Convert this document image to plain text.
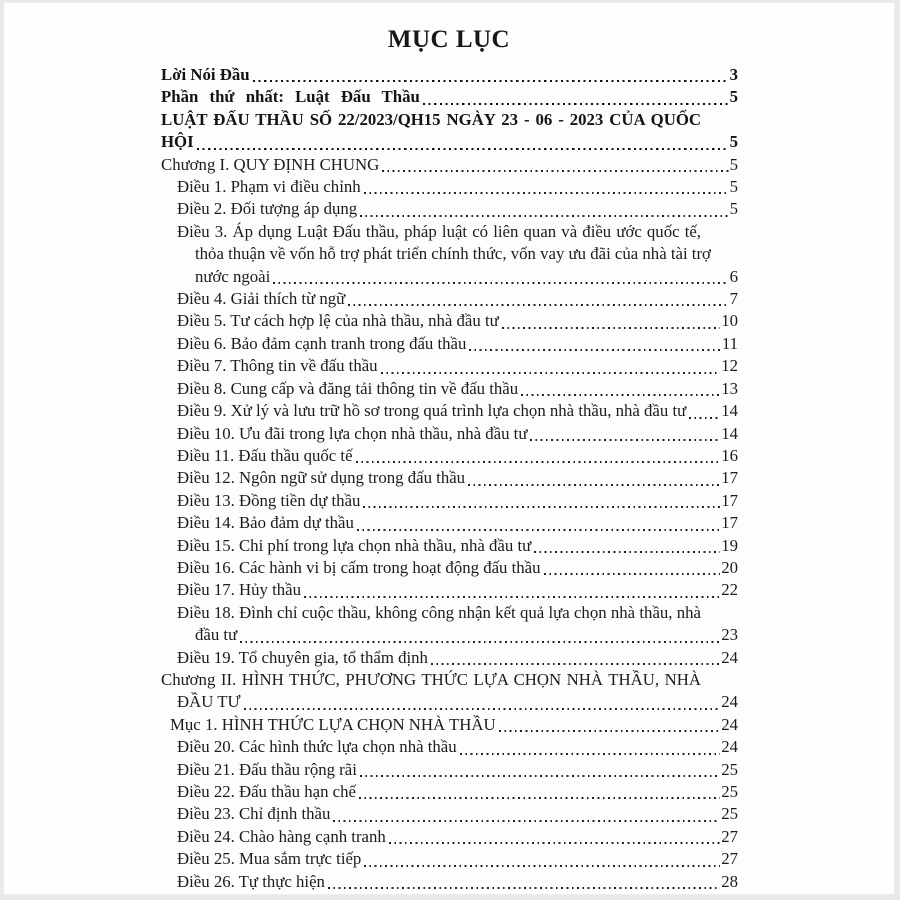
MỤC LỤC
Lời Nói Đầu	3
Phần thứ nhất: Luật Đấu Thầu	5
LUẬT ĐẤU THẦU SỐ 22/2023/QH15 NGÀY 23 - 06 - 2023 CỦA QUỐC
HỘI	5
Chương I. QUY ĐỊNH CHUNG	5
Điều 1. Phạm vi điều chỉnh	5
Điều 2. Đối tượng áp dụng	5
Điều 3. Áp dụng Luật Đấu thầu, pháp luật có liên quan và điều ước quốc tế,
thỏa thuận về vốn hỗ trợ phát triển chính thức, vốn vay ưu đãi của nhà tài trợ
nước ngoài	6
Điều 4. Giải thích từ ngữ	7
Điều 5. Tư cách hợp lệ của nhà thầu, nhà đầu tư	10
Điều 6. Bảo đảm cạnh tranh trong đấu thầu	11
Điều 7. Thông tin về đấu thầu	12
Điều 8. Cung cấp và đăng tải thông tin về đấu thầu	13
Điều 9. Xử lý và lưu trữ hồ sơ trong quá trình lựa chọn nhà thầu, nhà đầu tư 14
Điều 10. Ưu đãi trong lựa chọn nhà thầu, nhà đầu tư	14
Điều 11. Đấu thầu quốc tế	16
Điều 12. Ngôn ngữ sử dụng trong đấu thầu	17
Điều 13. Đồng tiền dự thầu	17
Điều 14. Bảo đảm dự thầu	17
Điều 15. Chi phí trong lựa chọn nhà thầu, nhà đầu tư	19
Điều 16. Các hành vi bị cấm trong hoạt động đấu thầu	20
Điều 17. Hủy thầu	22
Điều 18. Đình chỉ cuộc thầu, không công nhận kết quả lựa chọn nhà thầu, nhà
đầu tư	23
Điều 19. Tổ chuyên gia, tổ thẩm định	24
Chương II. HÌNH THỨC, PHƯƠNG THỨC LỰA CHỌN NHÀ THẦU, NHÀ
ĐẦU TƯ	24
Mục 1. HÌNH THỨC LỰA CHỌN NHÀ THẦU	24
Điều 20. Các hình thức lựa chọn nhà thầu	24
Điều 21. Đấu thầu rộng rãi	25
Điều 22. Đấu thầu hạn chế	25
Điều 23. Chỉ định thầu	25
Điều 24. Chào hàng cạnh tranh	27
Điều 25. Mua sắm trực tiếp	27
Điều 26. Tự thực hiện	28
